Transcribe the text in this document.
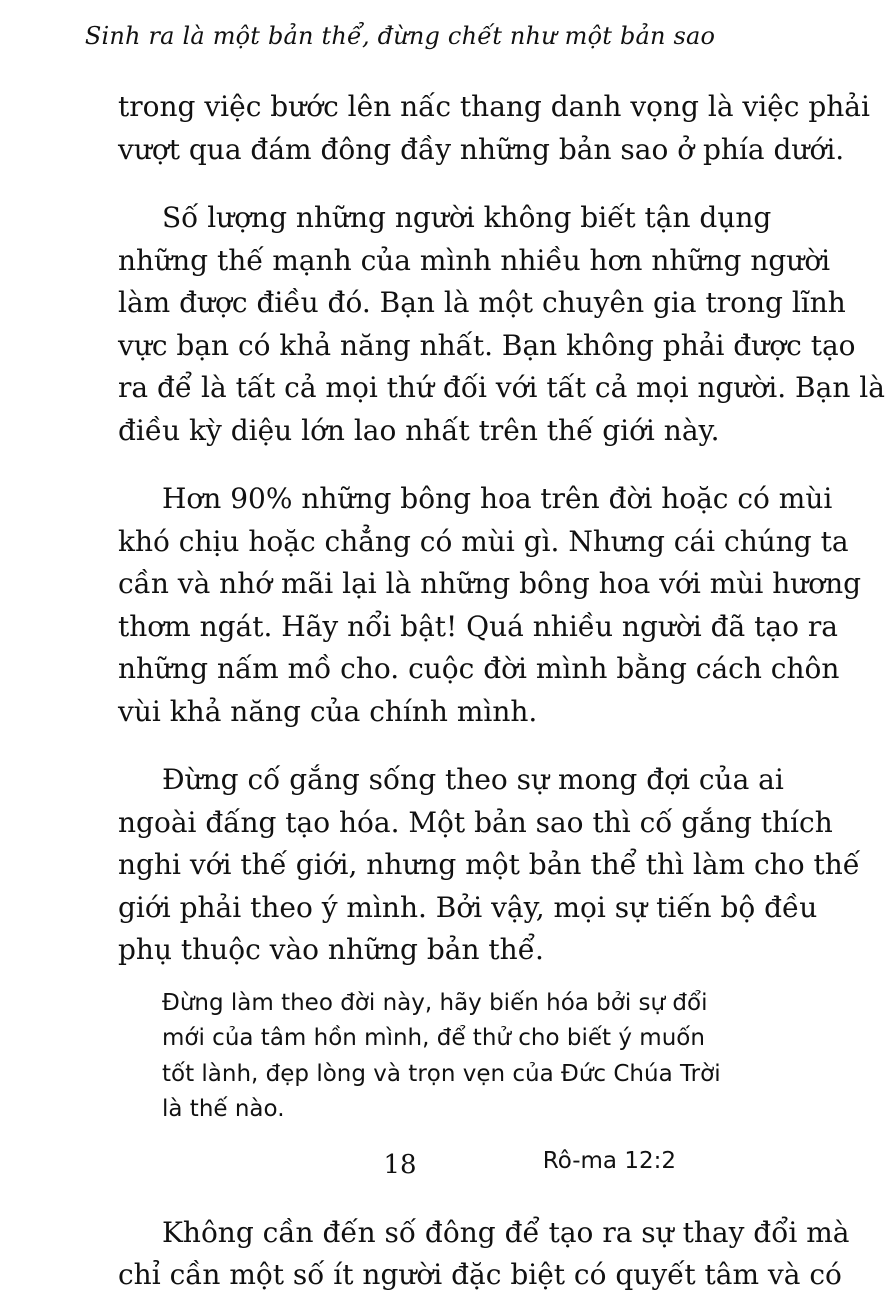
Sinh ra là một bản thể, đừng chết như một bản sao

trong việc bước lên nấc thang danh vọng là việc phải
vượt qua đám đông đầy những bản sao ở phía dưới.

Số lượng những người không biết tận dụng
những thế mạnh của mình nhiều hơn những người
làm được điều đó. Bạn là một chuyên gia trong lĩnh
vực bạn có khả năng nhất. Bạn không phải được tạo
ra để là tất cả mọi thứ đối với tất cả mọi người. Bạn là
điều kỳ diệu lớn lao nhất trên thế giới này.

Hơn 90% những bông hoa trên đời hoặc có mùi
khó chịu hoặc chẳng có mùi gì. Nhưng cái chúng ta
cần và nhớ mãi lại là những bông hoa với mùi hương
thơm ngát. Hãy nổi bật! Quá nhiều người đã tạo ra
những nấm mồ cho. cuộc đời mình bằng cách chôn
vùi khả năng của chính mình.

Đừng cố gắng sống theo sự mong đợi của ai
ngoài đấng tạo hóa. Một bản sao thì cố gắng thích
nghi với thế giới, nhưng một bản thể thì làm cho thế
giới phải theo ý mình. Bởi vậy, mọi sự tiến bộ đều
phụ thuộc vào những bản thể.

Đừng làm theo đời này, hãy biến hóa bởi sự đổi
mới của tâm hồn mình, để thử cho biết ý muốn
tốt lành, đẹp lòng và trọn vẹn của Đức Chúa Trời
là thế nào.
Rô-ma 12:2

Không cần đến số đông để tạo ra sự thay đổi mà
chỉ cần một số ít người đặc biệt có quyết tâm và có

18
